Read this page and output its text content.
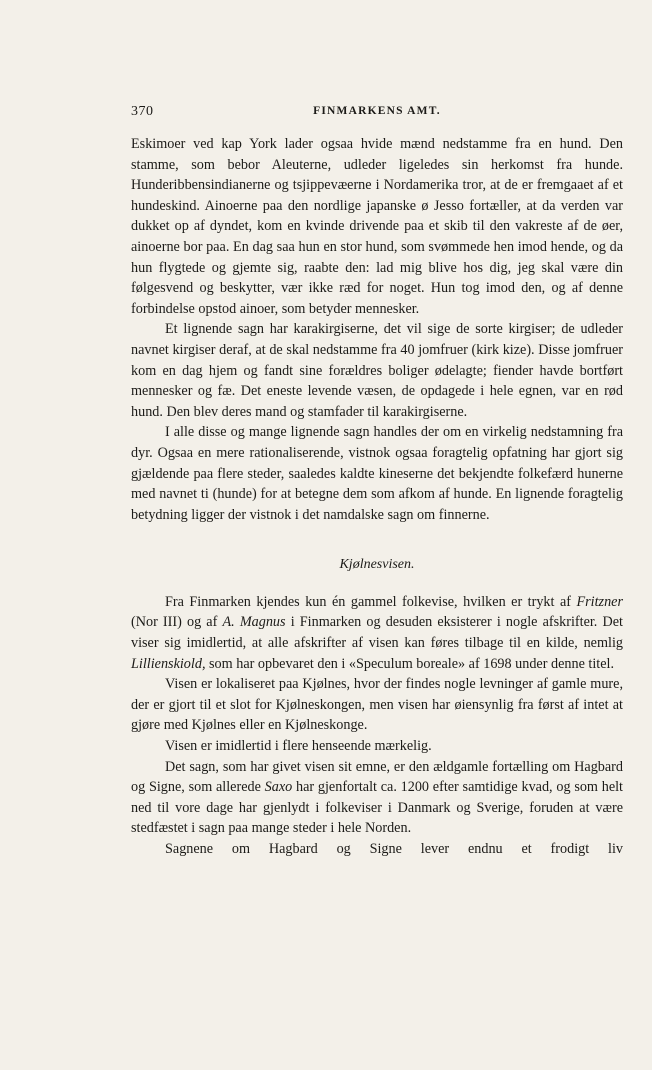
370	FINMARKENS AMT.

Eskimoer ved kap York lader ogsaa hvide mænd nedstamme fra en hund. Den stamme, som bebor Aleuterne, udleder ligeledes sin herkomst fra hunde. Hunderibbensindianerne og tsjippevæerne i Nordamerika tror, at de er fremgaaet af et hundeskind. Ainoerne paa den nordlige japanske ø Jesso fortæller, at da verden var dukket op af dyndet, kom en kvinde drivende paa et skib til den vakreste af de øer, ainoerne bor paa. En dag saa hun en stor hund, som svømmede hen imod hende, og da hun flygtede og gjemte sig, raabte den: lad mig blive hos dig, jeg skal være din følgesvend og beskytter, vær ikke ræd for noget. Hun tog imod den, og af denne forbindelse opstod ainoer, som betyder mennesker.

Et lignende sagn har karakirgiserne, det vil sige de sorte kirgiser; de udleder navnet kirgiser deraf, at de skal nedstamme fra 40 jomfruer (kirk kize). Disse jomfruer kom en dag hjem og fandt sine forældres boliger ødelagte; fiender havde bortført mennesker og fæ. Det eneste levende væsen, de opdagede i hele egnen, var en rød hund. Den blev deres mand og stamfader til karakirgiserne.

I alle disse og mange lignende sagn handles der om en virkelig nedstamning fra dyr. Ogsaa en mere rationaliserende, vistnok ogsaa foragtelig opfatning har gjort sig gjældende paa flere steder, saaledes kaldte kineserne det bekjendte folkefærd hunerne med navnet ti (hunde) for at betegne dem som afkom af hunde. En lignende foragtelig betydning ligger der vistnok i det namdalske sagn om finnerne.

Kjølnesvisen.

Fra Finmarken kjendes kun én gammel folkevise, hvilken er trykt af Fritzner (Nor III) og af A. Magnus i Finmarken og desuden eksisterer i nogle afskrifter. Det viser sig imidlertid, at alle afskrifter af visen kan føres tilbage til en kilde, nemlig Lillienskiold, som har opbevaret den i «Speculum boreale» af 1698 under denne titel.

Visen er lokaliseret paa Kjølnes, hvor der findes nogle levninger af gamle mure, der er gjort til et slot for Kjølneskongen, men visen har øiensynlig fra først af intet at gjøre med Kjølnes eller en Kjølneskonge.

Visen er imidlertid i flere henseende mærkelig.

Det sagn, som har givet visen sit emne, er den ældgamle fortælling om Hagbard og Signe, som allerede Saxo har gjenfortalt ca. 1200 efter samtidige kvad, og som helt ned til vore dage har gjenlydt i folkeviser i Danmark og Sverige, foruden at være stedfæstet i sagn paa mange steder i hele Norden.

Sagnene om Hagbard og Signe lever endnu et frodigt liv
